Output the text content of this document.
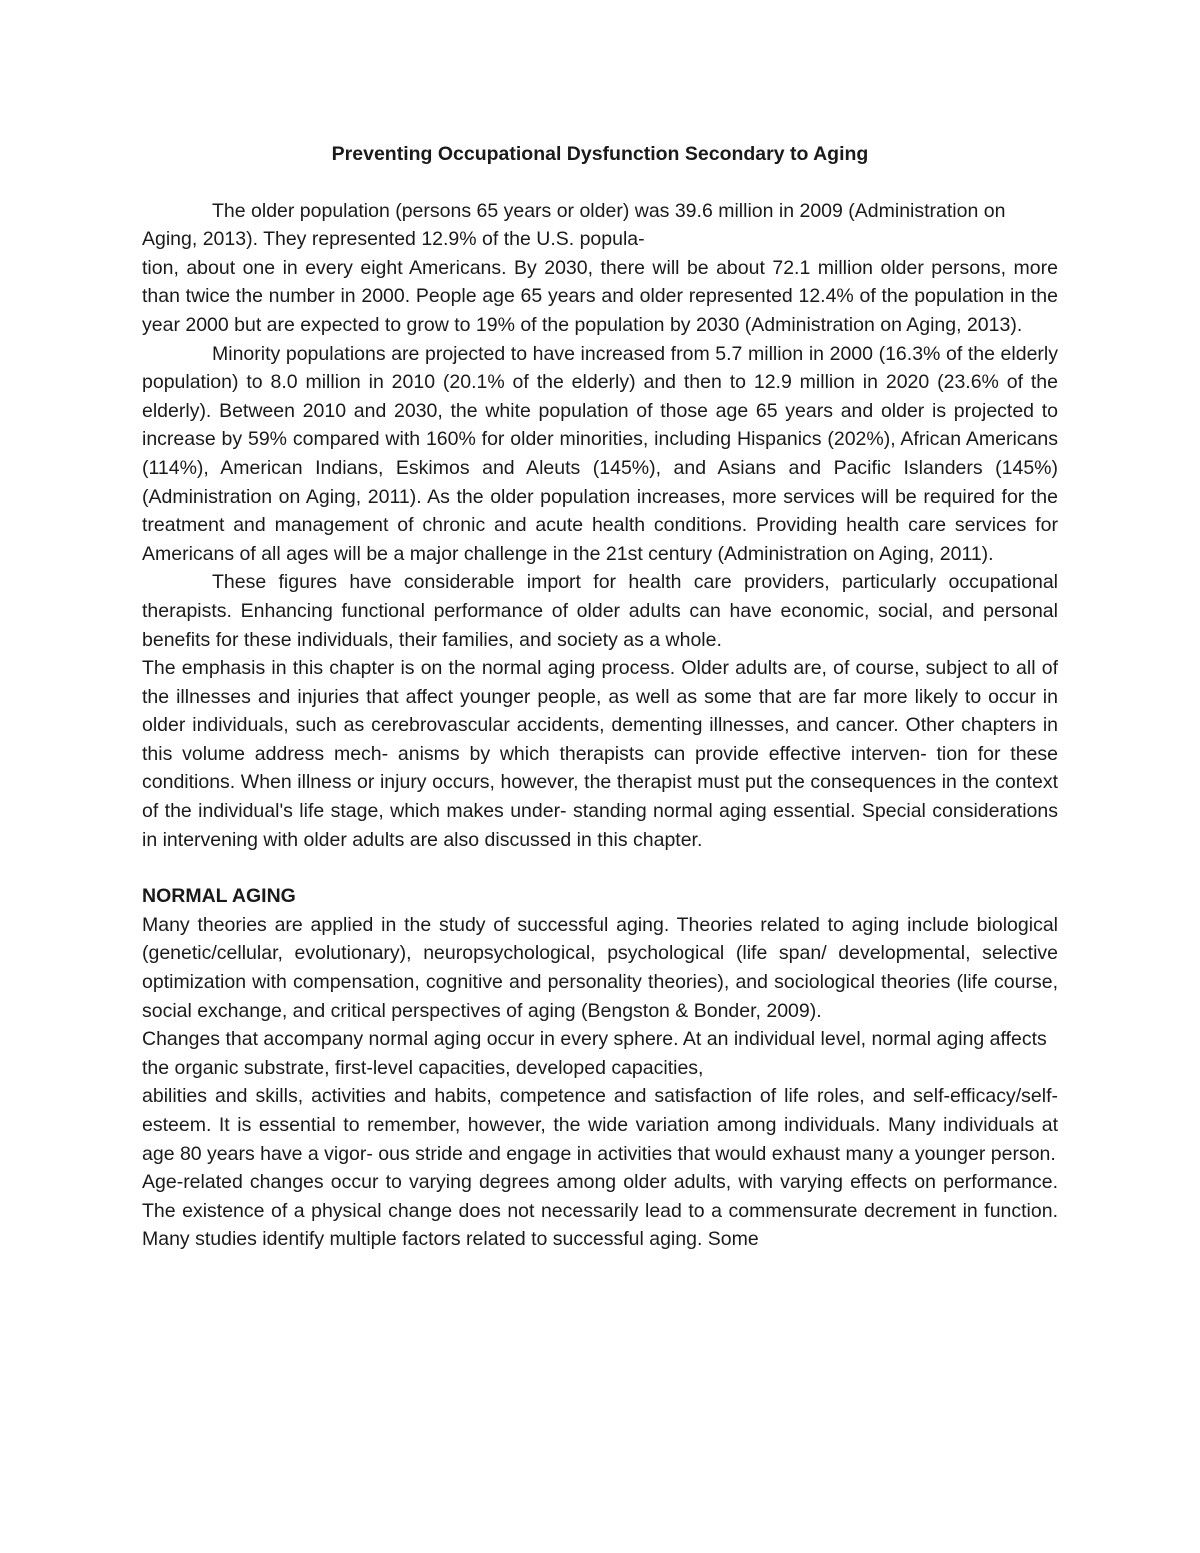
Preventing Occupational Dysfunction Secondary to Aging

The older population (persons 65 years or older) was 39.6 million in 2009 (Administration on Aging, 2013). They represented 12.9% of the U.S. popula-

tion, about one in every eight Americans. By 2030, there will be about 72.1 million older persons, more than twice the number in 2000. People age 65 years and older represented 12.4% of the population in the year 2000 but are expected to grow to 19% of the population by 2030 (Administration on Aging, 2013).

Minority populations are projected to have increased from 5.7 million in 2000 (16.3% of the elderly population) to 8.0 million in 2010 (20.1% of the elderly) and then to 12.9 million in 2020 (23.6% of the elderly). Between 2010 and 2030, the white population of those age 65 years and older is projected to increase by 59% compared with 160% for older minorities, including Hispanics (202%), African Americans (114%), American Indians, Eskimos and Aleuts (145%), and Asians and Pacific Islanders (145%) (Administration on Aging, 2011). As the older population increases, more services will be required for the treatment and management of chronic and acute health conditions. Providing health care services for Americans of all ages will be a major challenge in the 21st century (Administration on Aging, 2011).

These figures have considerable import for health care providers, particularly occupational therapists. Enhancing functional performance of older adults can have economic, social, and personal benefits for these individuals, their families, and society as a whole.

The emphasis in this chapter is on the normal aging process. Older adults are, of course, subject to all of the illnesses and injuries that affect younger people, as well as some that are far more likely to occur in older individuals, such as cerebrovascular accidents, dementing illnesses, and cancer. Other chapters in this volume address mech- anisms by which therapists can provide effective interven- tion for these conditions. When illness or injury occurs, however, the therapist must put the consequences in the context of the individual's life stage, which makes under- standing normal aging essential. Special considerations in intervening with older adults are also discussed in this chapter.

NORMAL AGING

Many theories are applied in the study of successful aging. Theories related to aging include biological (genetic/cellular, evolutionary), neuropsychological, psychological (life span/ developmental, selective optimization with compensation, cognitive and personality theories), and sociological theories (life course, social exchange, and critical perspectives of aging (Bengston & Bonder, 2009).

Changes that accompany normal aging occur in every sphere. At an individual level, normal aging affects the organic substrate, first-level capacities, developed capacities,

abilities and skills, activities and habits, competence and satisfaction of life roles, and self-efficacy/self-esteem. It is essential to remember, however, the wide variation among individuals. Many individuals at age 80 years have a vigor- ous stride and engage in activities that would exhaust many a younger person.

Age-related changes occur to varying degrees among older adults, with varying effects on performance. The existence of a physical change does not necessarily lead to a commensurate decrement in function. Many studies identify multiple factors related to successful aging. Some
